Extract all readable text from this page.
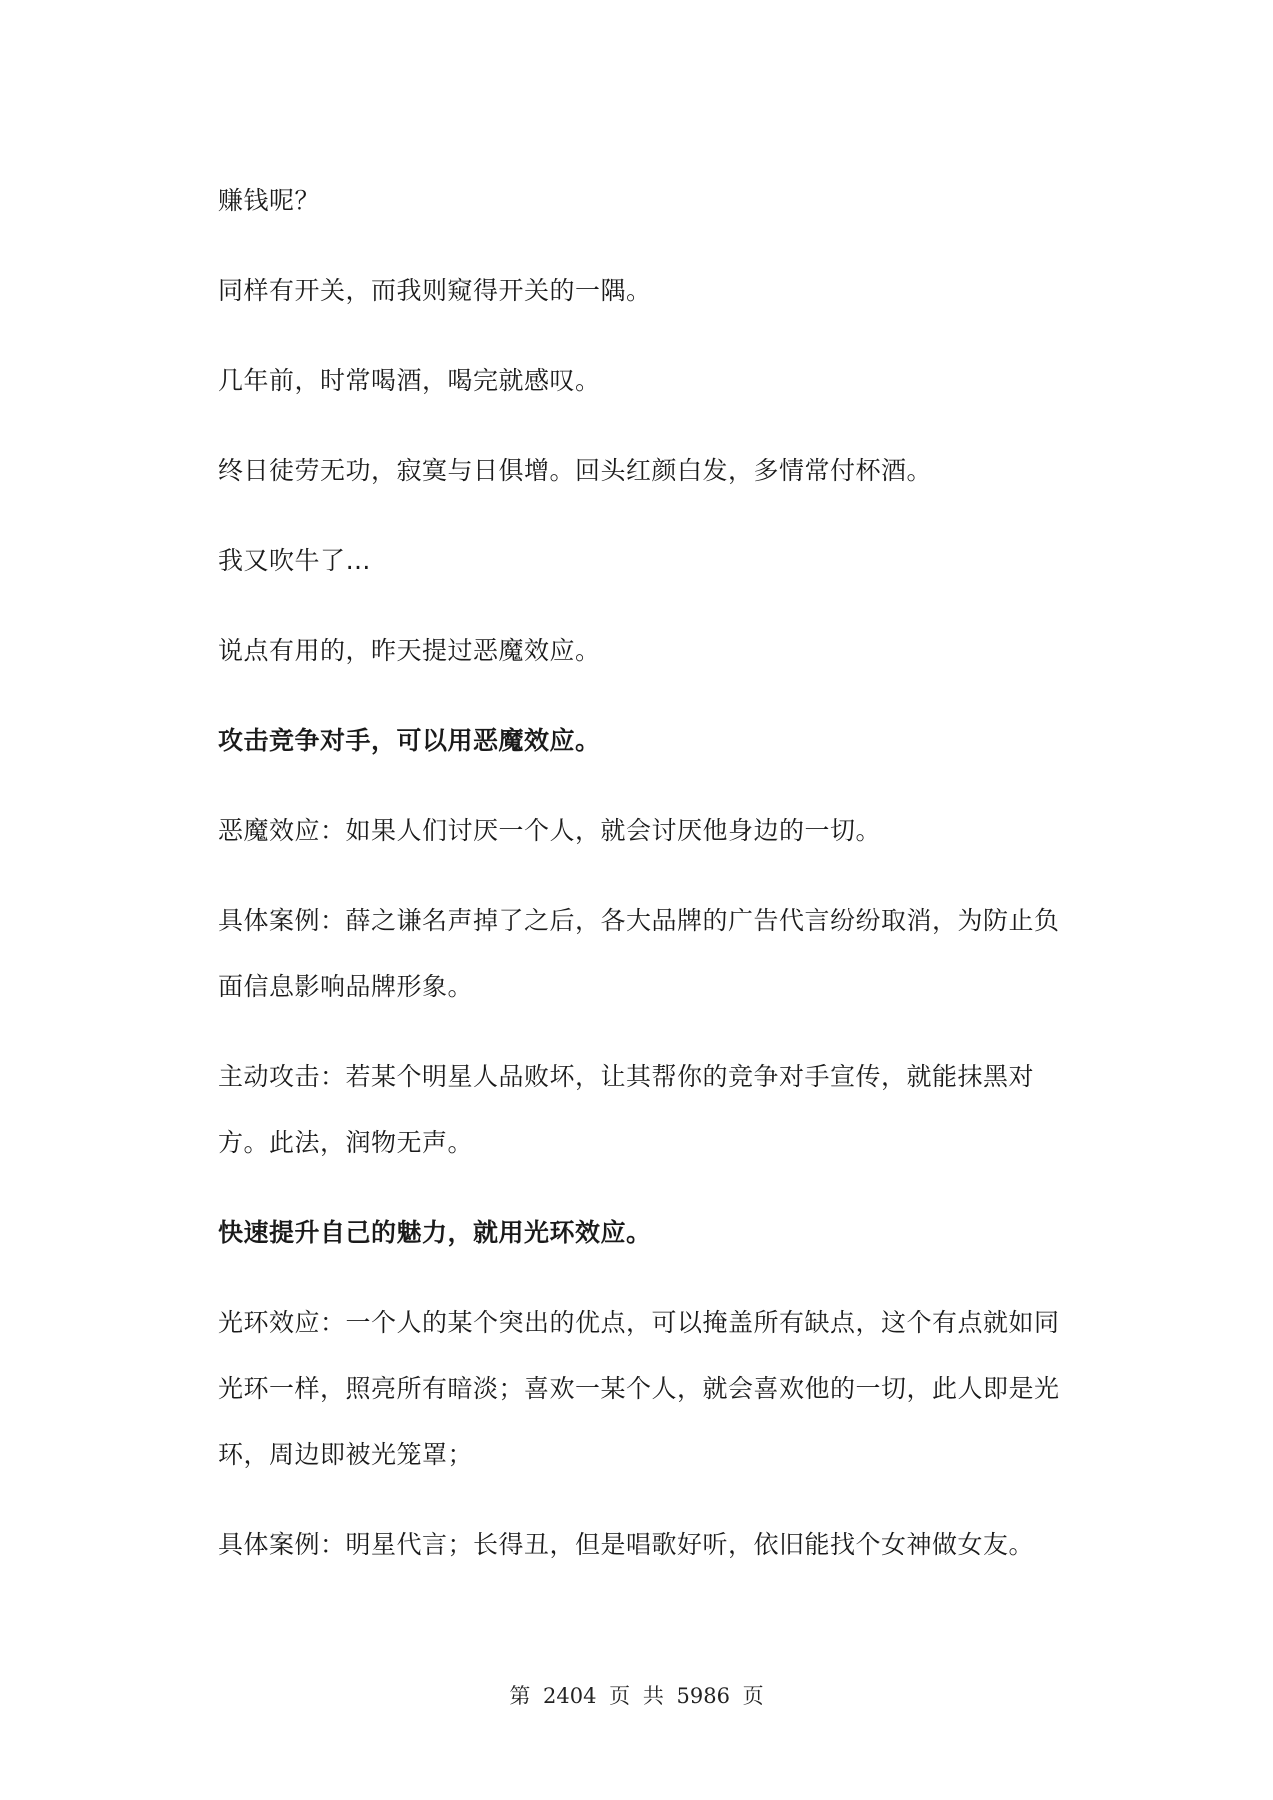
赚钱呢？

同样有开关，而我则窥得开关的一隅。

几年前，时常喝酒，喝完就感叹。

终日徒劳无功，寂寞与日俱增。回头红颜白发，多情常付杯酒。

我又吹牛了…

说点有用的，昨天提过恶魔效应。

攻击竞争对手，可以用恶魔效应。

恶魔效应：如果人们讨厌一个人，就会讨厌他身边的一切。

具体案例：薛之谦名声掉了之后，各大品牌的广告代言纷纷取消，为防止负面信息影响品牌形象。

主动攻击：若某个明星人品败坏，让其帮你的竞争对手宣传，就能抹黑对方。此法，润物无声。

快速提升自己的魅力，就用光环效应。

光环效应：一个人的某个突出的优点，可以掩盖所有缺点，这个有点就如同光环一样，照亮所有暗淡；喜欢一某个人，就会喜欢他的一切，此人即是光环，周边即被光笼罩；

具体案例：明星代言；长得丑，但是唱歌好听，依旧能找个女神做女友。

第 2404 页 共 5986 页
